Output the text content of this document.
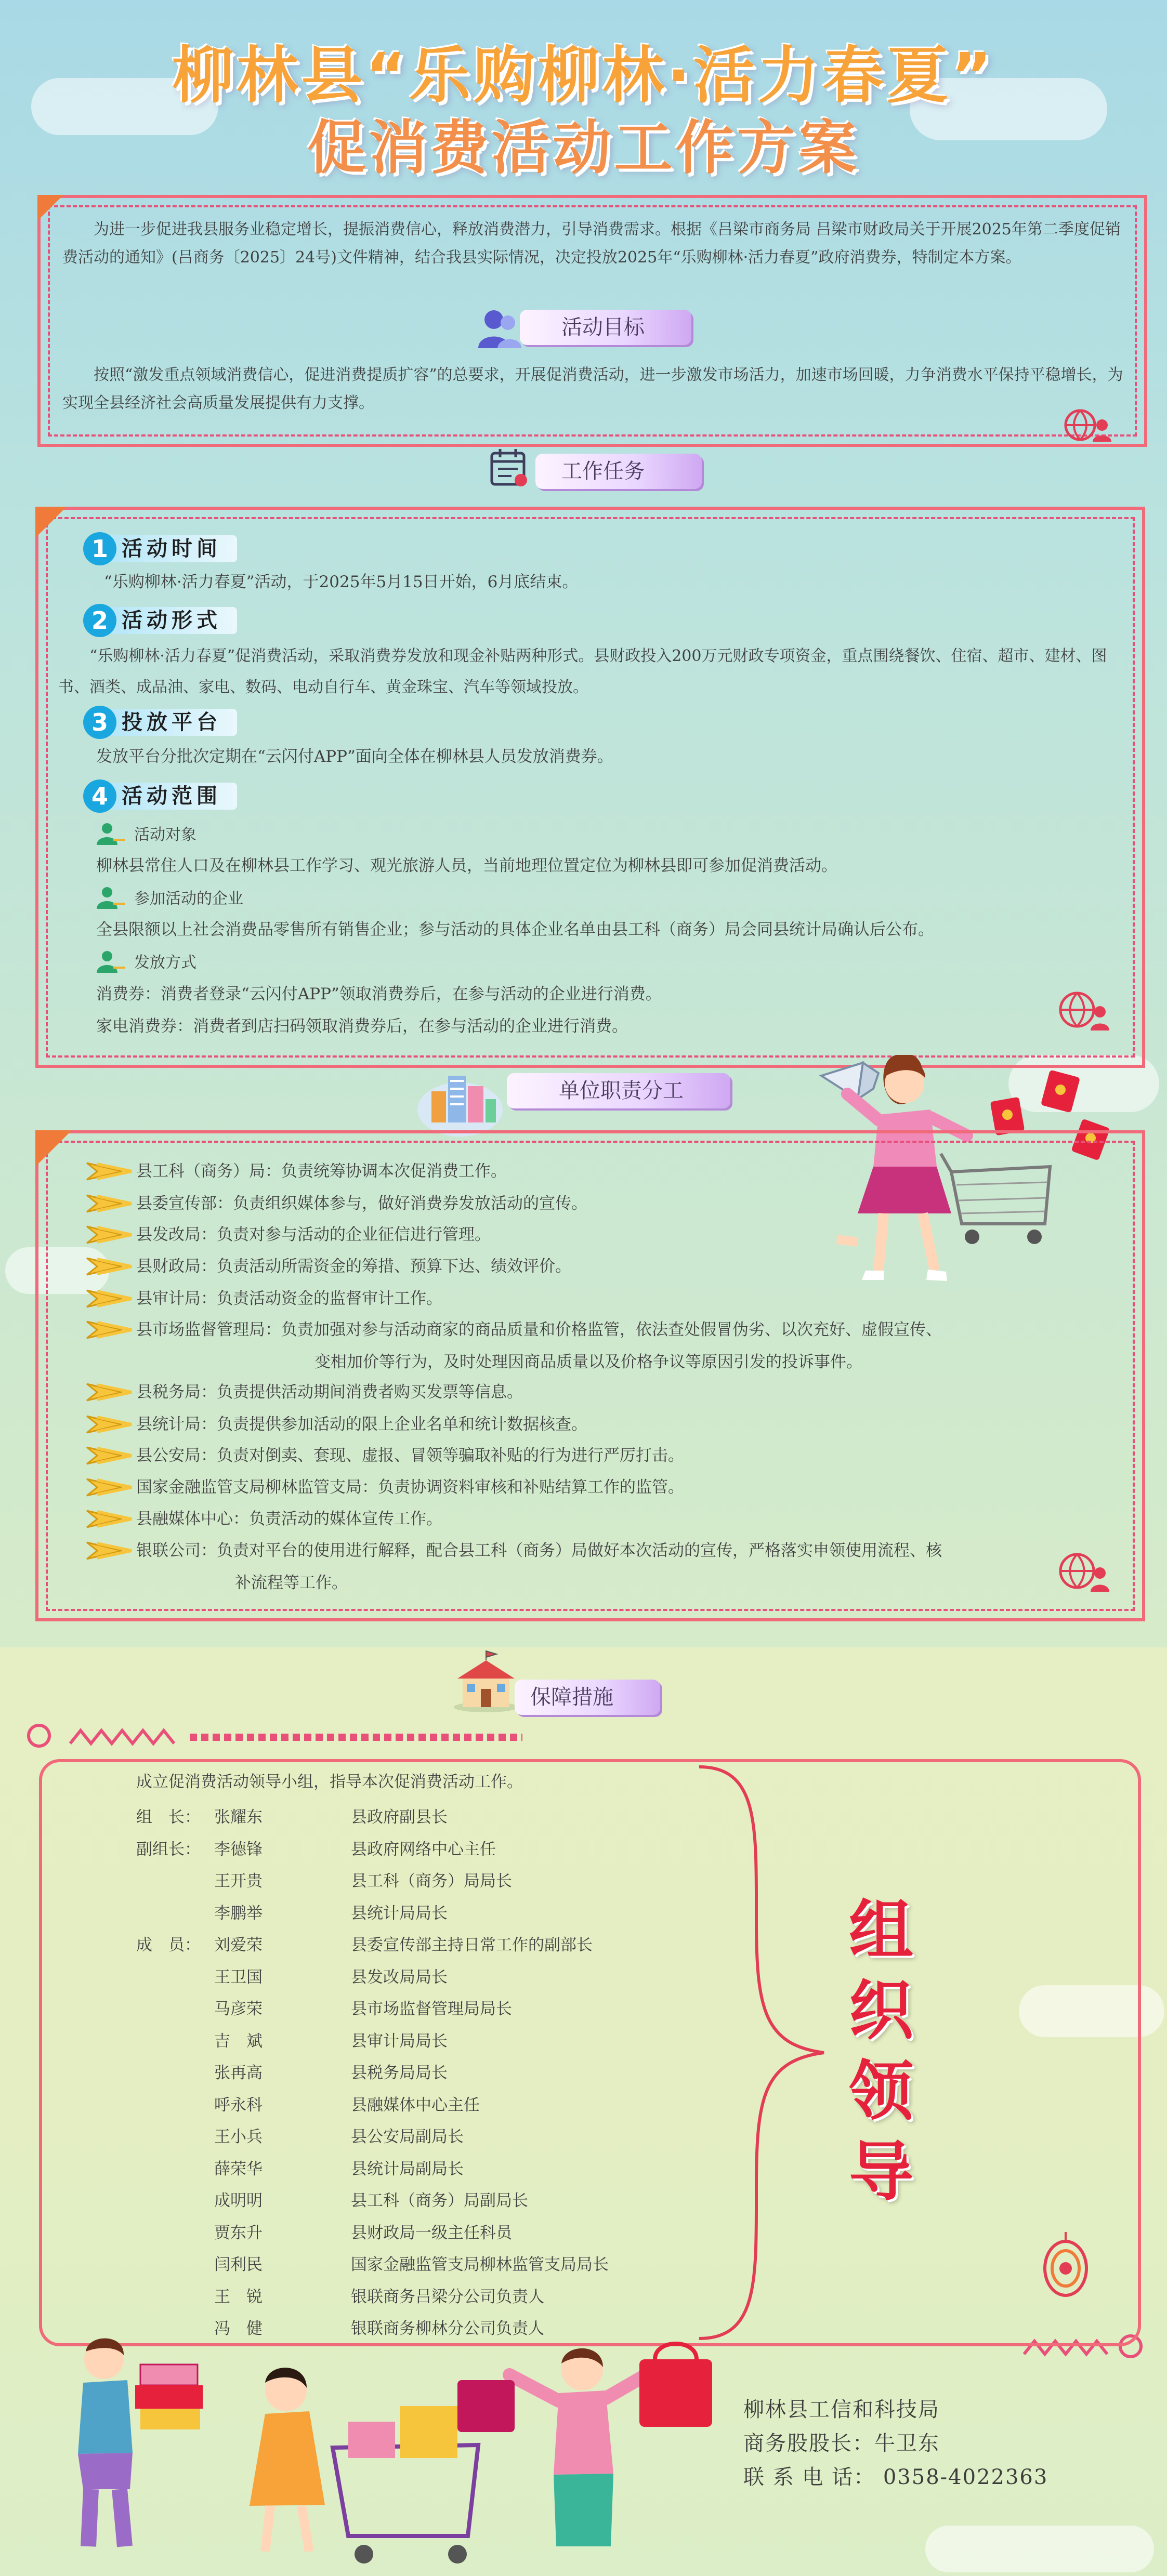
柳林县“乐购柳林·活力春夏”
促消费活动工作方案
为进一步促进我县服务业稳定增长，提振消费信心，释放消费潜力，引导消费需求。根据《吕梁市商务局 吕梁市财政局关于开展2025年第二季度促销费活动的通知》(吕商务〔2025〕24号)文件精神，结合我县实际情况，决定投放2025年“乐购柳林·活力春夏”政府消费券，特制定本方案。
活动目标
按照“激发重点领域消费信心，促进消费提质扩容”的总要求，开展促消费活动，进一步激发市场活力，加速市场回暖，力争消费水平保持平稳增长，为实现全县经济社会高质量发展提供有力支撑。
工作任务
活动时间
1
“乐购柳林·活力春夏”活动，于2025年5月15日开始，6月底结束。
活动形式
2
“乐购柳林·活力春夏”促消费活动，采取消费券发放和现金补贴两种形式。县财政投入200万元财政专项资金，重点围绕餐饮、住宿、超市、建材、图书、酒类、成品油、家电、数码、电动自行车、黄金珠宝、汽车等领域投放。
投放平台
3
发放平台分批次定期在“云闪付APP”面向全体在柳林县人员发放消费券。
活动范围
4
活动对象
柳林县常住人口及在柳林县工作学习、观光旅游人员，当前地理位置定位为柳林县即可参加促消费活动。
参加活动的企业
全县限额以上社会消费品零售所有销售企业；参与活动的具体企业名单由县工科（商务）局会同县统计局确认后公布。
发放方式
消费券：消费者登录“云闪付APP”领取消费券后，在参与活动的企业进行消费。
家电消费券：消费者到店扫码领取消费券后，在参与活动的企业进行消费。
单位职责分工
县工科（商务）局：负责统筹协调本次促消费工作。
县委宣传部：负责组织媒体参与，做好消费券发放活动的宣传。
县发改局：负责对参与活动的企业征信进行管理。
县财政局：负责活动所需资金的筹措、预算下达、绩效评价。
县审计局：负责活动资金的监督审计工作。
县市场监督管理局：负责加强对参与活动商家的商品质量和价格监管，依法查处假冒伪劣、以次充好、虚假宣传、
变相加价等行为，及时处理因商品质量以及价格争议等原因引发的投诉事件。
县税务局：负责提供活动期间消费者购买发票等信息。
县统计局：负责提供参加活动的限上企业名单和统计数据核查。
县公安局：负责对倒卖、套现、虚报、冒领等骗取补贴的行为进行严厉打击。
国家金融监管支局柳林监管支局：负责协调资料审核和补贴结算工作的监管。
县融媒体中心：负责活动的媒体宣传工作。
银联公司：负责对平台的使用进行解释，配合县工科（商务）局做好本次活动的宣传，严格落实申领使用流程、核
补流程等工作。
保障措施
成立促消费活动领导小组，指导本次促消费活动工作。
组　长： 张耀东	县政府副县长
副组长： 李德锋	县政府网络中心主任
王开贵	县工科（商务）局局长
李鹏举	县统计局局长
成　员： 刘爱荣	县委宣传部主持日常工作的副部长
王卫国	县发改局局长
马彦荣	县市场监督管理局局长
吉　斌	县审计局局长
张再高	县税务局局长
呼永科	县融媒体中心主任
王小兵	县公安局副局长
薛荣华	县统计局副局长
成明明	县工科（商务）局副局长
贾东升	县财政局一级主任科员
闫利民	国家金融监管支局柳林监管支局局长
王　锐	银联商务吕梁分公司负责人
冯　健	银联商务柳林分公司负责人
组
织
领
导
柳林县工信和科技局
商务股股长：牛卫东
联 系 电 话： 0358-4022363
